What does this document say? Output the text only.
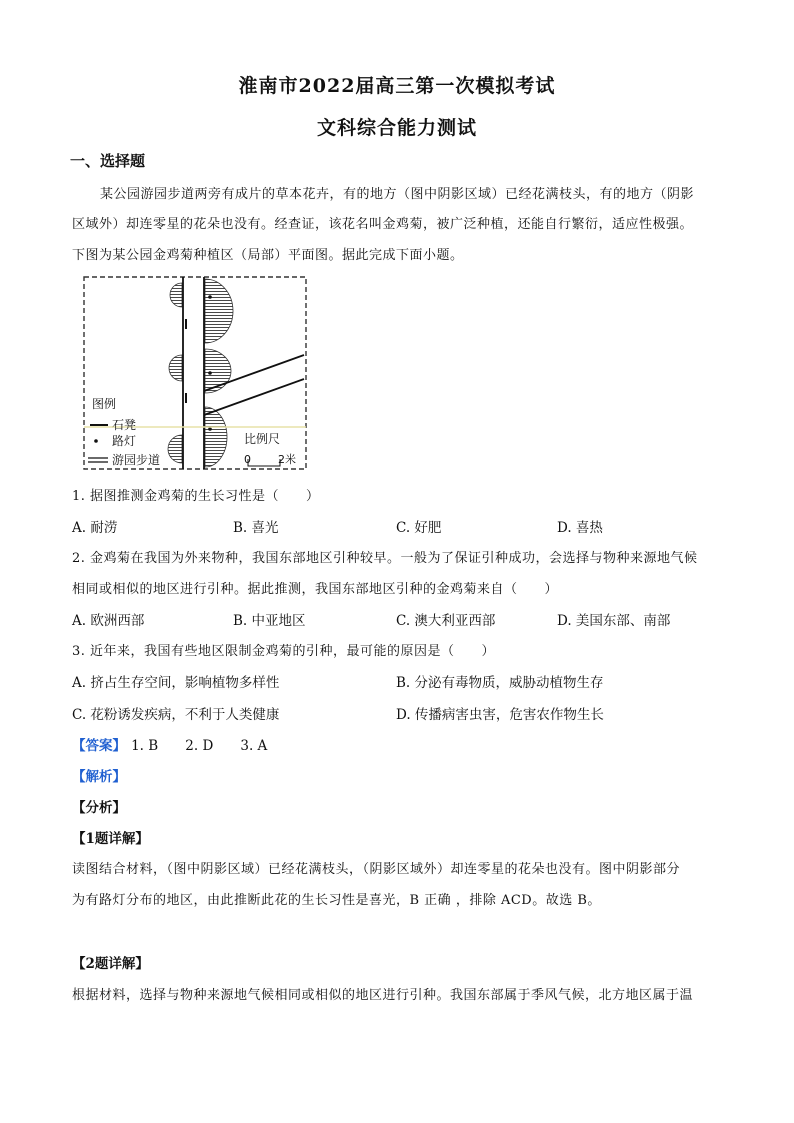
淮南市2022届高三第一次模拟考试
文科综合能力测试
一、选择题
某公园游园步道两旁有成片的草本花卉，有的地方（图中阴影区域）已经花满枝头，有的地方（阴影
区域外）却连零星的花朵也没有。经查证，该花名叫金鸡菊，被广泛种植，还能自行繁衍，适应性极强。
下图为某公园金鸡菊种植区（局部）平面图。据此完成下面小题。
图例
石凳
路灯
游园步道
比例尺
0 2米
1. 据图推测金鸡菊的生长习性是（　　）
A. 耐涝	B. 喜光	C. 好肥	D. 喜热
2. 金鸡菊在我国为外来物种，我国东部地区引种较早。一般为了保证引种成功，会选择与物种来源地气候
相同或相似的地区进行引种。据此推测，我国东部地区引种的金鸡菊来自（　　）
A. 欧洲西部	B. 中亚地区	C. 澳大利亚西部	D. 美国东部、南部
3. 近年来，我国有些地区限制金鸡菊的引种，最可能的原因是（　　）
A. 挤占生存空间，影响植物多样性	B. 分泌有毒物质，威胁动植物生存
C. 花粉诱发疾病，不利于人类健康	D. 传播病害虫害，危害农作物生长
【答案】 1. B 2. D 3. A
【解析】
【分析】
【1题详解】
读图结合材料，（图中阴影区域）已经花满枝头，（阴影区域外）却连零星的花朵也没有。图中阴影部分
为有路灯分布的地区，由此推断此花的生长习性是喜光，B 正确 ，排除 ACD。故选 B。
【2题详解】
根据材料，选择与物种来源地气候相同或相似的地区进行引种。我国东部属于季风气候，北方地区属于温
